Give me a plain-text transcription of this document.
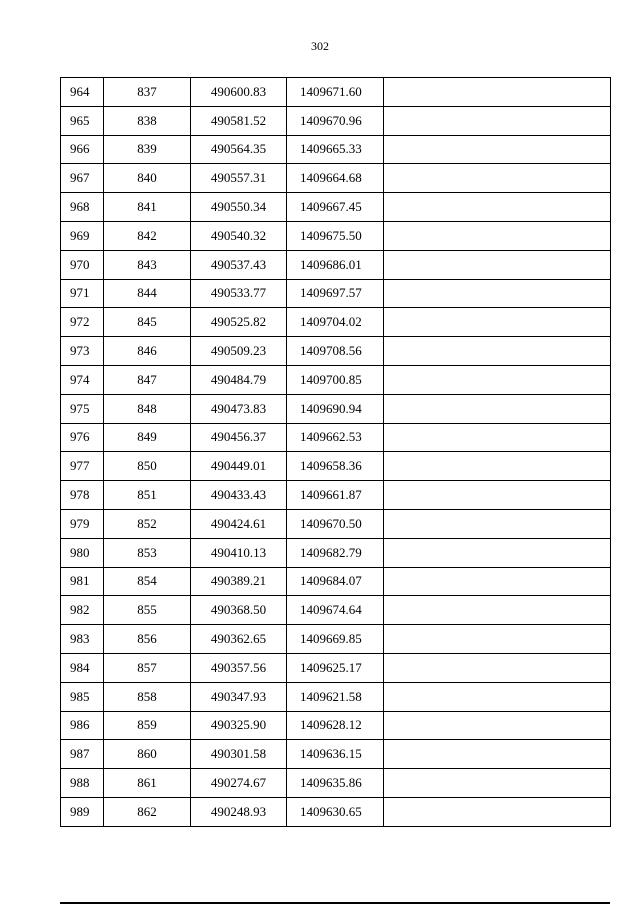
302
964	837	490600.83	1409671.60	
965	838	490581.52	1409670.96	
966	839	490564.35	1409665.33	
967	840	490557.31	1409664.68	
968	841	490550.34	1409667.45	
969	842	490540.32	1409675.50	
970	843	490537.43	1409686.01	
971	844	490533.77	1409697.57	
972	845	490525.82	1409704.02	
973	846	490509.23	1409708.56	
974	847	490484.79	1409700.85	
975	848	490473.83	1409690.94	
976	849	490456.37	1409662.53	
977	850	490449.01	1409658.36	
978	851	490433.43	1409661.87	
979	852	490424.61	1409670.50	
980	853	490410.13	1409682.79	
981	854	490389.21	1409684.07	
982	855	490368.50	1409674.64	
983	856	490362.65	1409669.85	
984	857	490357.56	1409625.17	
985	858	490347.93	1409621.58	
986	859	490325.90	1409628.12	
987	860	490301.58	1409636.15	
988	861	490274.67	1409635.86	
989	862	490248.93	1409630.65	
